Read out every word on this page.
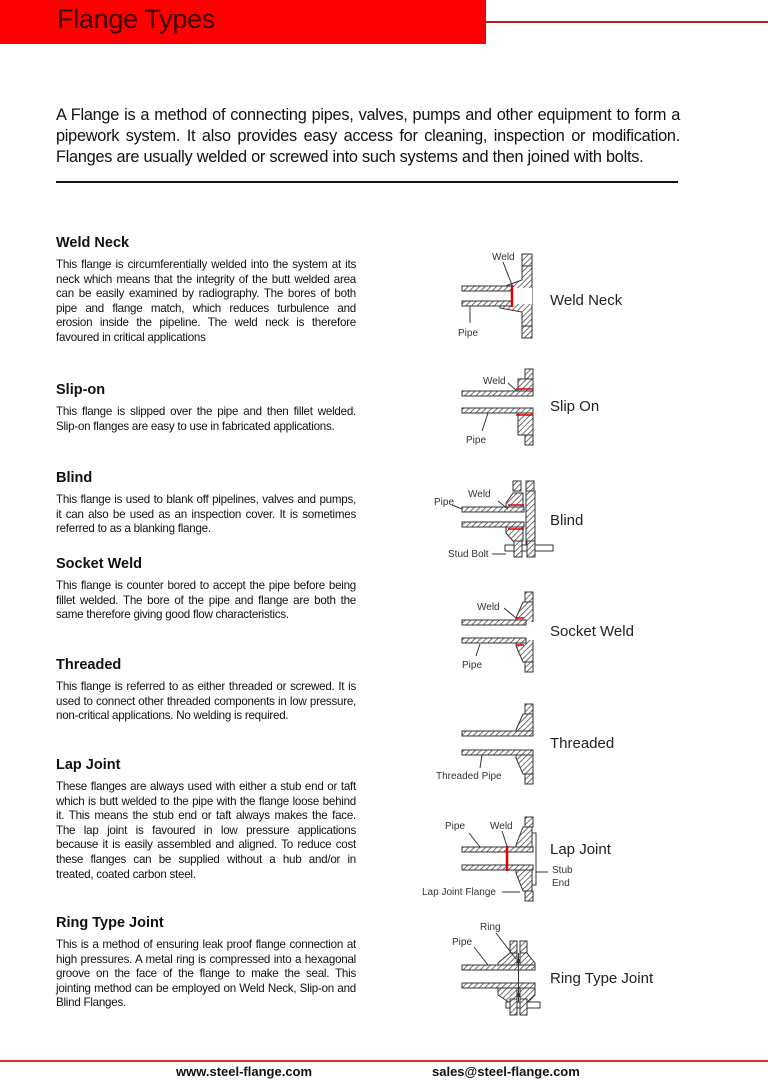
Flange Types
A Flange is a method of connecting pipes, valves, pumps and other equipment to form a pipework system. It also provides easy access for cleaning, inspection or modification. Flanges are usually welded or screwed into such systems and then joined with bolts.
Weld Neck

This flange is circumferentially welded into the system at its neck which means that the integrity of the butt welded area can be easily examined by radiography. The bores of both pipe and flange match, which reduces turbulence and erosion inside the pipeline. The weld neck is therefore favoured in critical applications

Slip-on

This flange is slipped over the pipe and then fillet welded. Slip-on flanges are easy to use in fabricated applications.

Blind

This flange is used to blank off pipelines, valves and pumps, it can also be used as an inspection cover. It is sometimes referred to as a blanking flange.

Socket Weld

This flange is counter bored to accept the pipe before being fillet welded. The bore of the pipe and flange are both the same therefore giving good flow characteristics.

Threaded

This flange is referred to as either threaded or screwed. It is used to connect other threaded components in low pressure, non-critical applications. No welding is required.

Lap Joint

These flanges are always used with either a stub end or taft which is butt welded to the pipe with the flange loose behind it. This means the stub end or taft always makes the face. The lap joint is favoured in low pressure applications because it is easily assembled and aligned. To reduce cost these flanges can be supplied without a hub and/or in treated, coated carbon steel.

Ring Type Joint

This is a method of ensuring leak proof flange connection at high pressures. A metal ring is compressed into a hexagonal groove on the face of the flange to make the seal. This jointing method can be employed on Weld Neck, Slip-on and Blind Flanges.

Weld
Pipe
Weld Neck
Weld
Pipe
Slip On
Weld
Pipe
Stud Bolt
Blind
Weld
Pipe
Socket Weld
Threaded Pipe
Threaded
Pipe Weld
Stub
End
Lap Joint Flange
Lap Joint
Ring
Pipe
Ring Type Joint
www.steel-flange.com	sales@steel-flange.com
